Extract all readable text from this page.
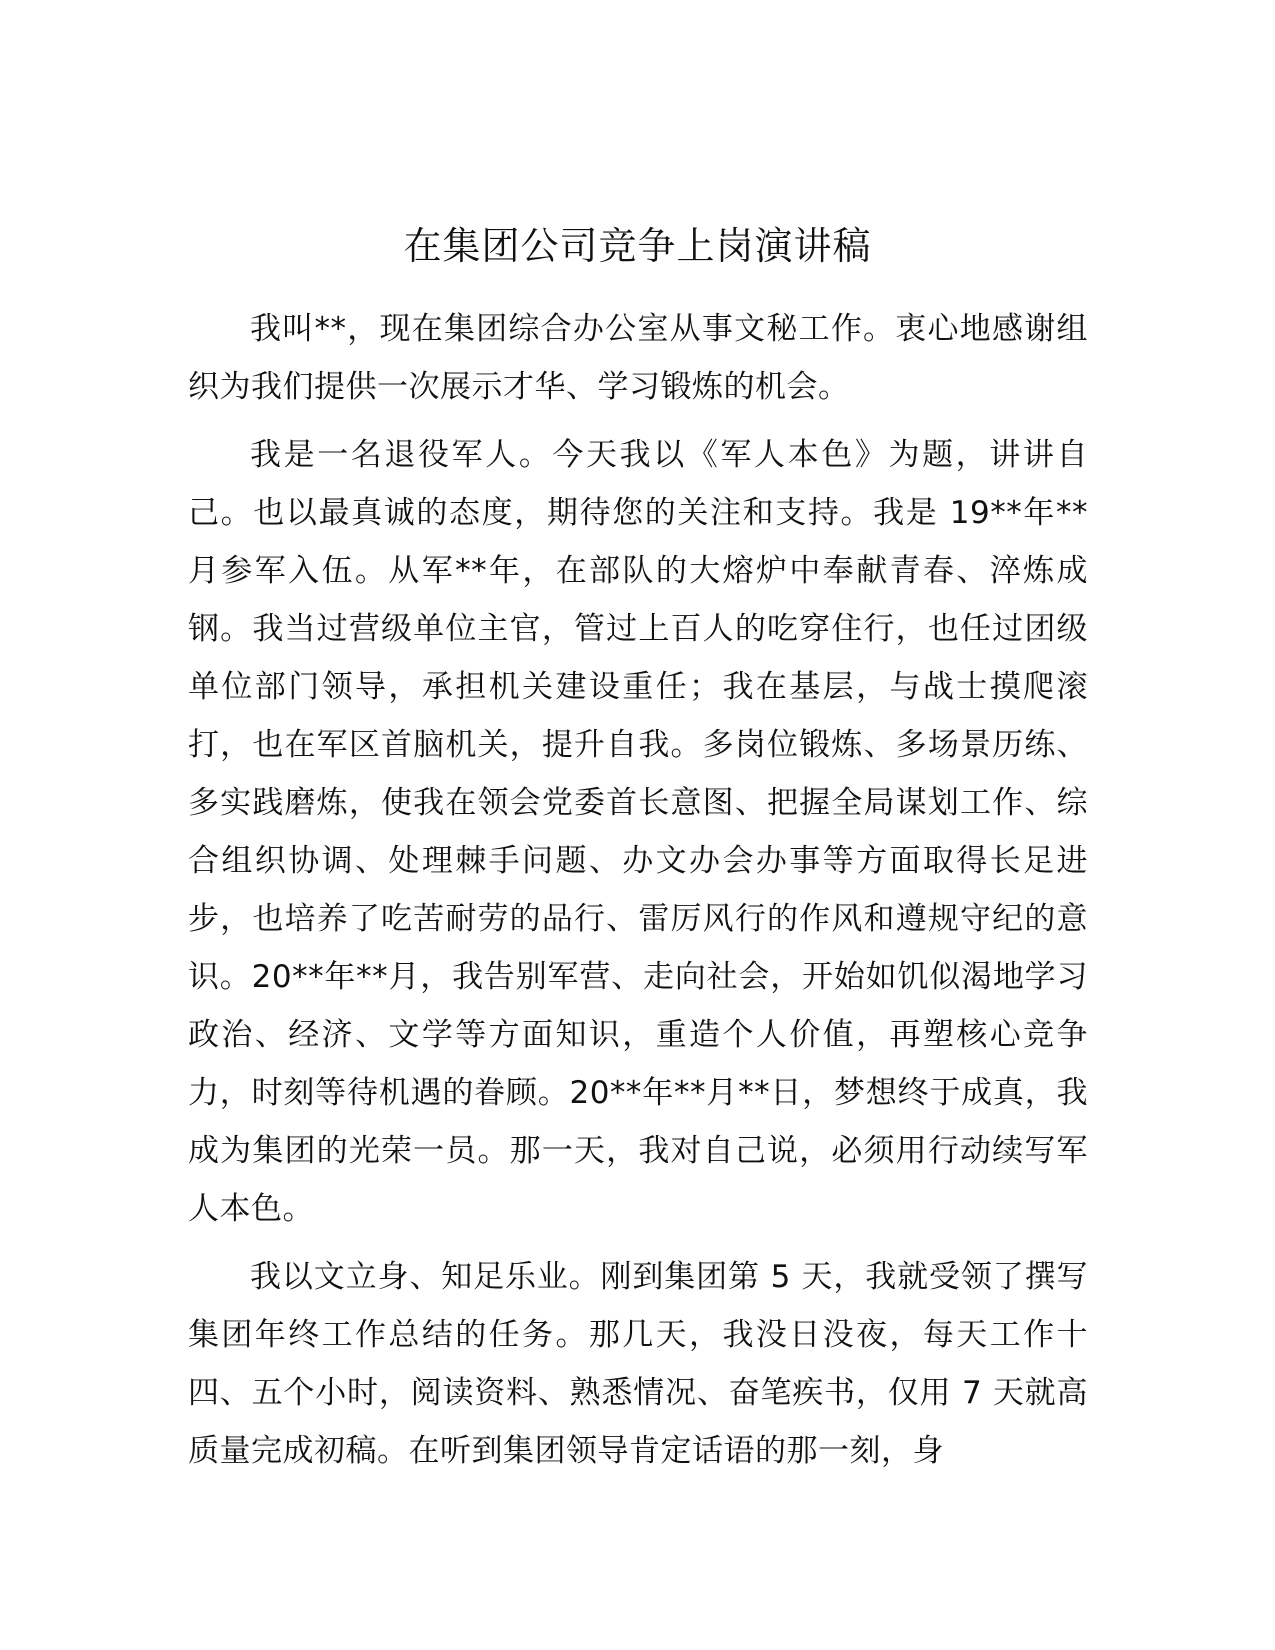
在集团公司竞争上岗演讲稿

我叫**，现在集团综合办公室从事文秘工作。衷心地感谢组织为我们提供一次展示才华、学习锻炼的机会。

我是一名退役军人。今天我以《军人本色》为题，讲讲自己。也以最真诚的态度，期待您的关注和支持。我是 19**年**月参军入伍。从军**年，在部队的大熔炉中奉献青春、淬炼成钢。我当过营级单位主官，管过上百人的吃穿住行，也任过团级单位部门领导，承担机关建设重任；我在基层，与战士摸爬滚打，也在军区首脑机关，提升自我。多岗位锻炼、多场景历练、多实践磨炼，使我在领会党委首长意图、把握全局谋划工作、综合组织协调、处理棘手问题、办文办会办事等方面取得长足进步，也培养了吃苦耐劳的品行、雷厉风行的作风和遵规守纪的意识。20**年**月，我告别军营、走向社会，开始如饥似渴地学习政治、经济、文学等方面知识，重造个人价值，再塑核心竞争力，时刻等待机遇的眷顾。20**年**月**日，梦想终于成真，我成为集团的光荣一员。那一天，我对自己说，必须用行动续写军人本色。

我以文立身、知足乐业。刚到集团第 5 天，我就受领了撰写集团年终工作总结的任务。那几天，我没日没夜，每天工作十四、五个小时，阅读资料、熟悉情况、奋笔疾书，仅用 7 天就高质量完成初稿。在听到集团领导肯定话语的那一刻，身
